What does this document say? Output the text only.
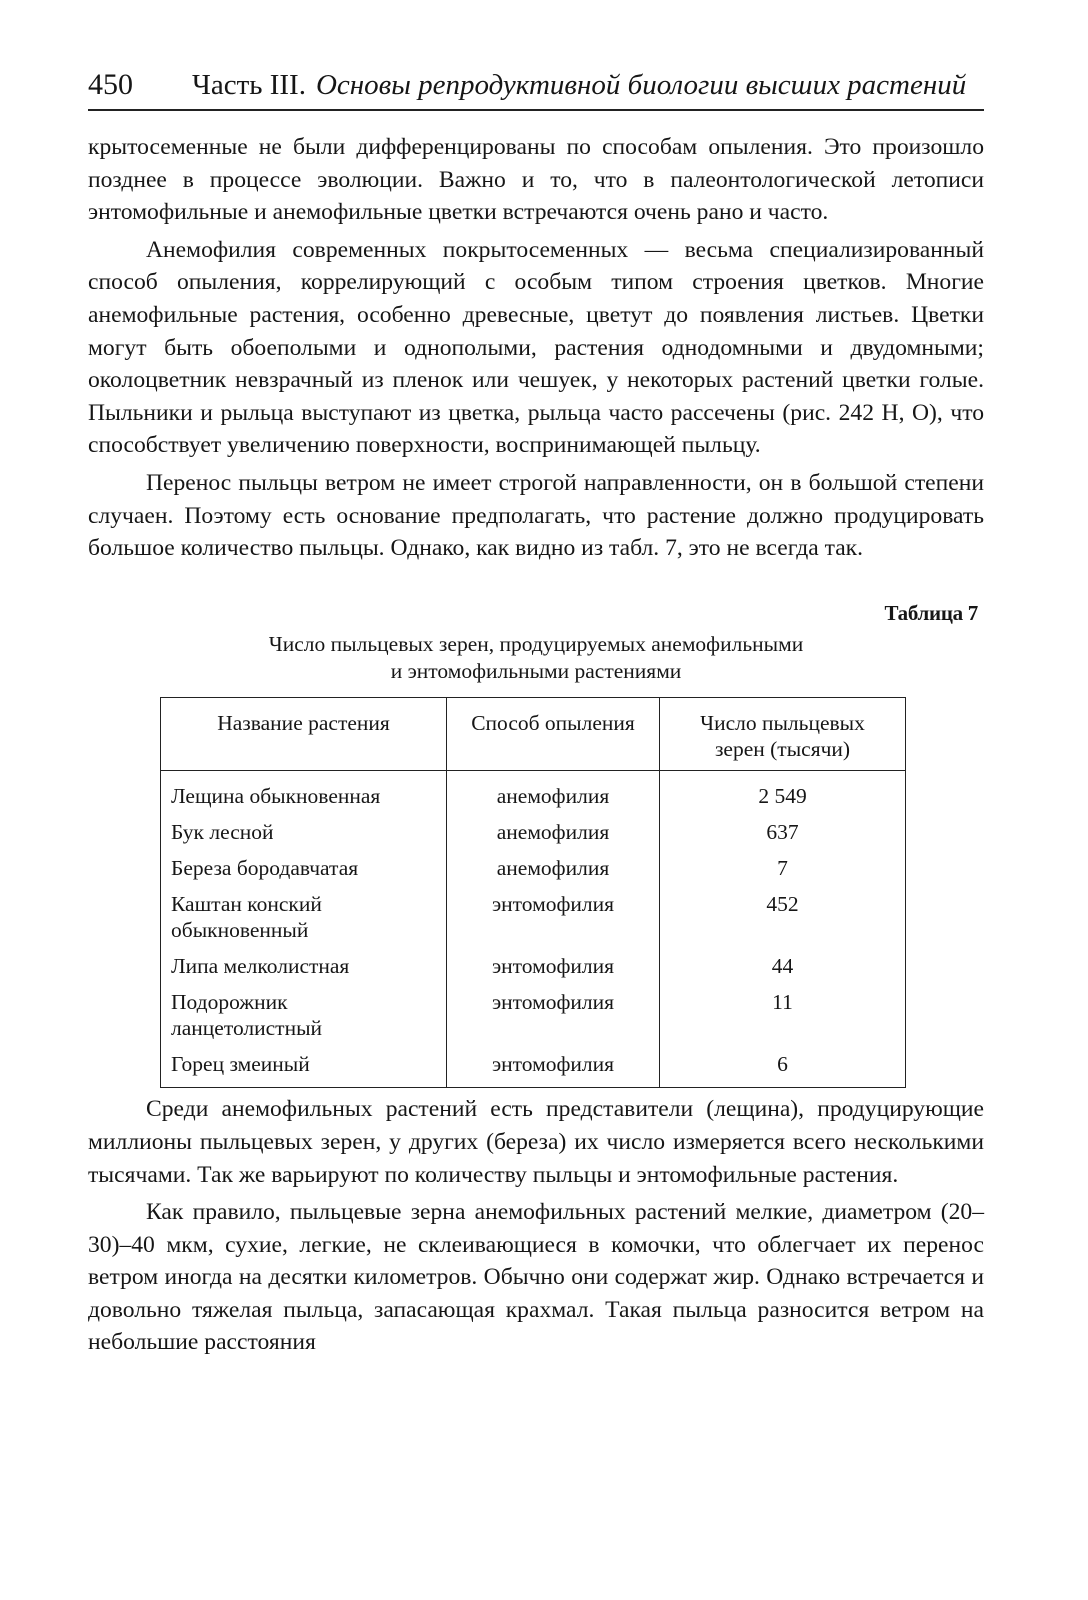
450	Часть III. Основы репродуктивной биологии высших растений

крытосеменные не были дифференцированы по способам опыления. Это произошло позднее в процессе эволюции. Важно и то, что в палеонтологической летописи энтомофильные и анемофильные цветки встречаются очень рано и часто.

Анемофилия современных покрытосеменных — весьма специализированный способ опыления, коррелирующий с особым типом строения цветков. Многие анемофильные растения, особенно древесные, цветут до появления листьев. Цветки могут быть обоеполыми и однополыми, растения однодомными и двудомными; околоцветник невзрачный из пленок или чешуек, у некоторых растений цветки голые. Пыльники и рыльца выступают из цветка, рыльца часто рассечены (рис. 242 Н, О), что способствует увеличению поверхности, воспринимающей пыльцу.

Перенос пыльцы ветром не имеет строгой направленности, он в большой степени случаен. Поэтому есть основание предполагать, что растение должно продуцировать большое количество пыльцы. Однако, как видно из табл. 7, это не всегда так.

Таблица 7
Число пыльцевых зерен, продуцируемых анемофильными
и энтомофильными растениями
Название растения	Способ опыления	Число пыльцевых зерен (тысячи)

Лещина обыкновенная	анемофилия	2 549
Бук лесной	анемофилия	637
Береза бородавчатая	анемофилия	7
Каштан конский обыкновенный	энтомофилия	452
Липа мелколистная	энтомофилия	44
Подорожник ланцетолистный	энтомофилия	11
Горец змеиный	энтомофилия	6

Среди анемофильных растений есть представители (лещина), продуцирующие миллионы пыльцевых зерен, у других (береза) их число измеряется всего несколькими тысячами. Так же варьируют по количеству пыльцы и энтомофильные растения.

Как правило, пыльцевые зерна анемофильных растений мелкие, диаметром (20–30)–40 мкм, сухие, легкие, не склеивающиеся в комочки, что облегчает их перенос ветром иногда на десятки километров. Обычно они содержат жир. Однако встречается и довольно тяжелая пыльца, запасающая крахмал. Такая пыльца разносится ветром на небольшие расстояния
